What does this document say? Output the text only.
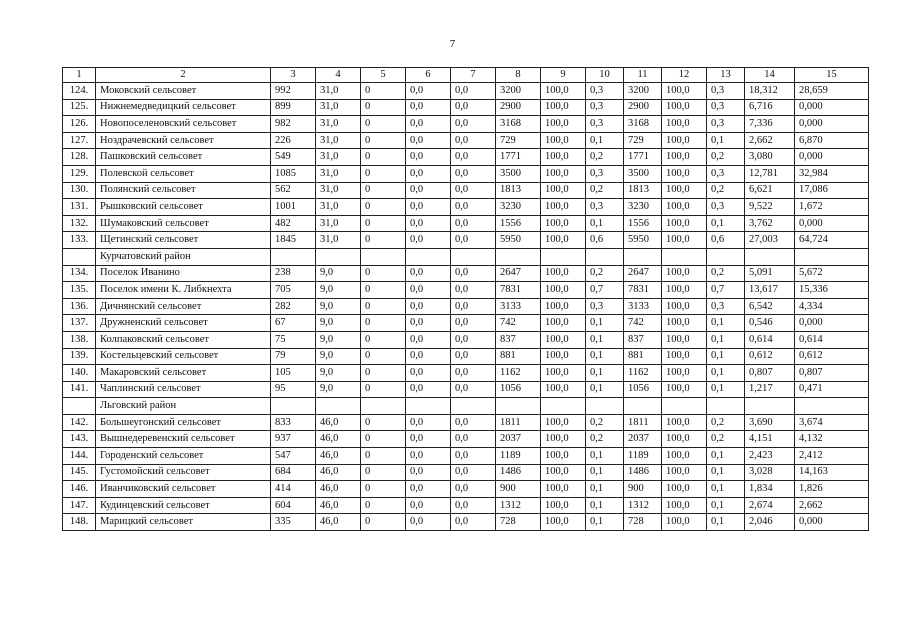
7
1	2	3	4	5	6	7	8	9	10	11	12	13	14	15
124.	Моковский сельсовет	992	31,0	0	0,0	0,0	3200	100,0	0,3	3200	100,0	0,3	18,312	28,659
125.	Нижнемедведицкий сельсовет	899	31,0	0	0,0	0,0	2900	100,0	0,3	2900	100,0	0,3	6,716	0,000
126.	Новопоселеновский сельсовет	982	31,0	0	0,0	0,0	3168	100,0	0,3	3168	100,0	0,3	7,336	0,000
127.	Ноздрачевский сельсовет	226	31,0	0	0,0	0,0	729	100,0	0,1	729	100,0	0,1	2,662	6,870
128.	Пашковский сельсовет	549	31,0	0	0,0	0,0	1771	100,0	0,2	1771	100,0	0,2	3,080	0,000
129.	Полевской сельсовет	1085	31,0	0	0,0	0,0	3500	100,0	0,3	3500	100,0	0,3	12,781	32,984
130.	Полянский сельсовет	562	31,0	0	0,0	0,0	1813	100,0	0,2	1813	100,0	0,2	6,621	17,086
131.	Рышковский сельсовет	1001	31,0	0	0,0	0,0	3230	100,0	0,3	3230	100,0	0,3	9,522	1,672
132.	Шумаковский сельсовет	482	31,0	0	0,0	0,0	1556	100,0	0,1	1556	100,0	0,1	3,762	0,000
133.	Щетинский сельсовет	1845	31,0	0	0,0	0,0	5950	100,0	0,6	5950	100,0	0,6	27,003	64,724
	Курчатовский район													
134.	Поселок Иванино	238	9,0	0	0,0	0,0	2647	100,0	0,2	2647	100,0	0,2	5,091	5,672
135.	Поселок имени К. Либкнехта	705	9,0	0	0,0	0,0	7831	100,0	0,7	7831	100,0	0,7	13,617	15,336
136.	Дичнянский сельсовет	282	9,0	0	0,0	0,0	3133	100,0	0,3	3133	100,0	0,3	6,542	4,334
137.	Дружненский сельсовет	67	9,0	0	0,0	0,0	742	100,0	0,1	742	100,0	0,1	0,546	0,000
138.	Колпаковский сельсовет	75	9,0	0	0,0	0,0	837	100,0	0,1	837	100,0	0,1	0,614	0,614
139.	Костельцевский сельсовет	79	9,0	0	0,0	0,0	881	100,0	0,1	881	100,0	0,1	0,612	0,612
140.	Макаровский сельсовет	105	9,0	0	0,0	0,0	1162	100,0	0,1	1162	100,0	0,1	0,807	0,807
141.	Чаплинский сельсовет	95	9,0	0	0,0	0,0	1056	100,0	0,1	1056	100,0	0,1	1,217	0,471
	Льговский район													
142.	Большеугонский сельсовет	833	46,0	0	0,0	0,0	1811	100,0	0,2	1811	100,0	0,2	3,690	3,674
143.	Вышнедеревенский сельсовет	937	46,0	0	0,0	0,0	2037	100,0	0,2	2037	100,0	0,2	4,151	4,132
144.	Городенский сельсовет	547	46,0	0	0,0	0,0	1189	100,0	0,1	1189	100,0	0,1	2,423	2,412
145.	Густомойский сельсовет	684	46,0	0	0,0	0,0	1486	100,0	0,1	1486	100,0	0,1	3,028	14,163
146.	Иванчиковский сельсовет	414	46,0	0	0,0	0,0	900	100,0	0,1	900	100,0	0,1	1,834	1,826
147.	Кудинцевский сельсовет	604	46,0	0	0,0	0,0	1312	100,0	0,1	1312	100,0	0,1	2,674	2,662
148.	Марицкий сельсовет	335	46,0	0	0,0	0,0	728	100,0	0,1	728	100,0	0,1	2,046	0,000
